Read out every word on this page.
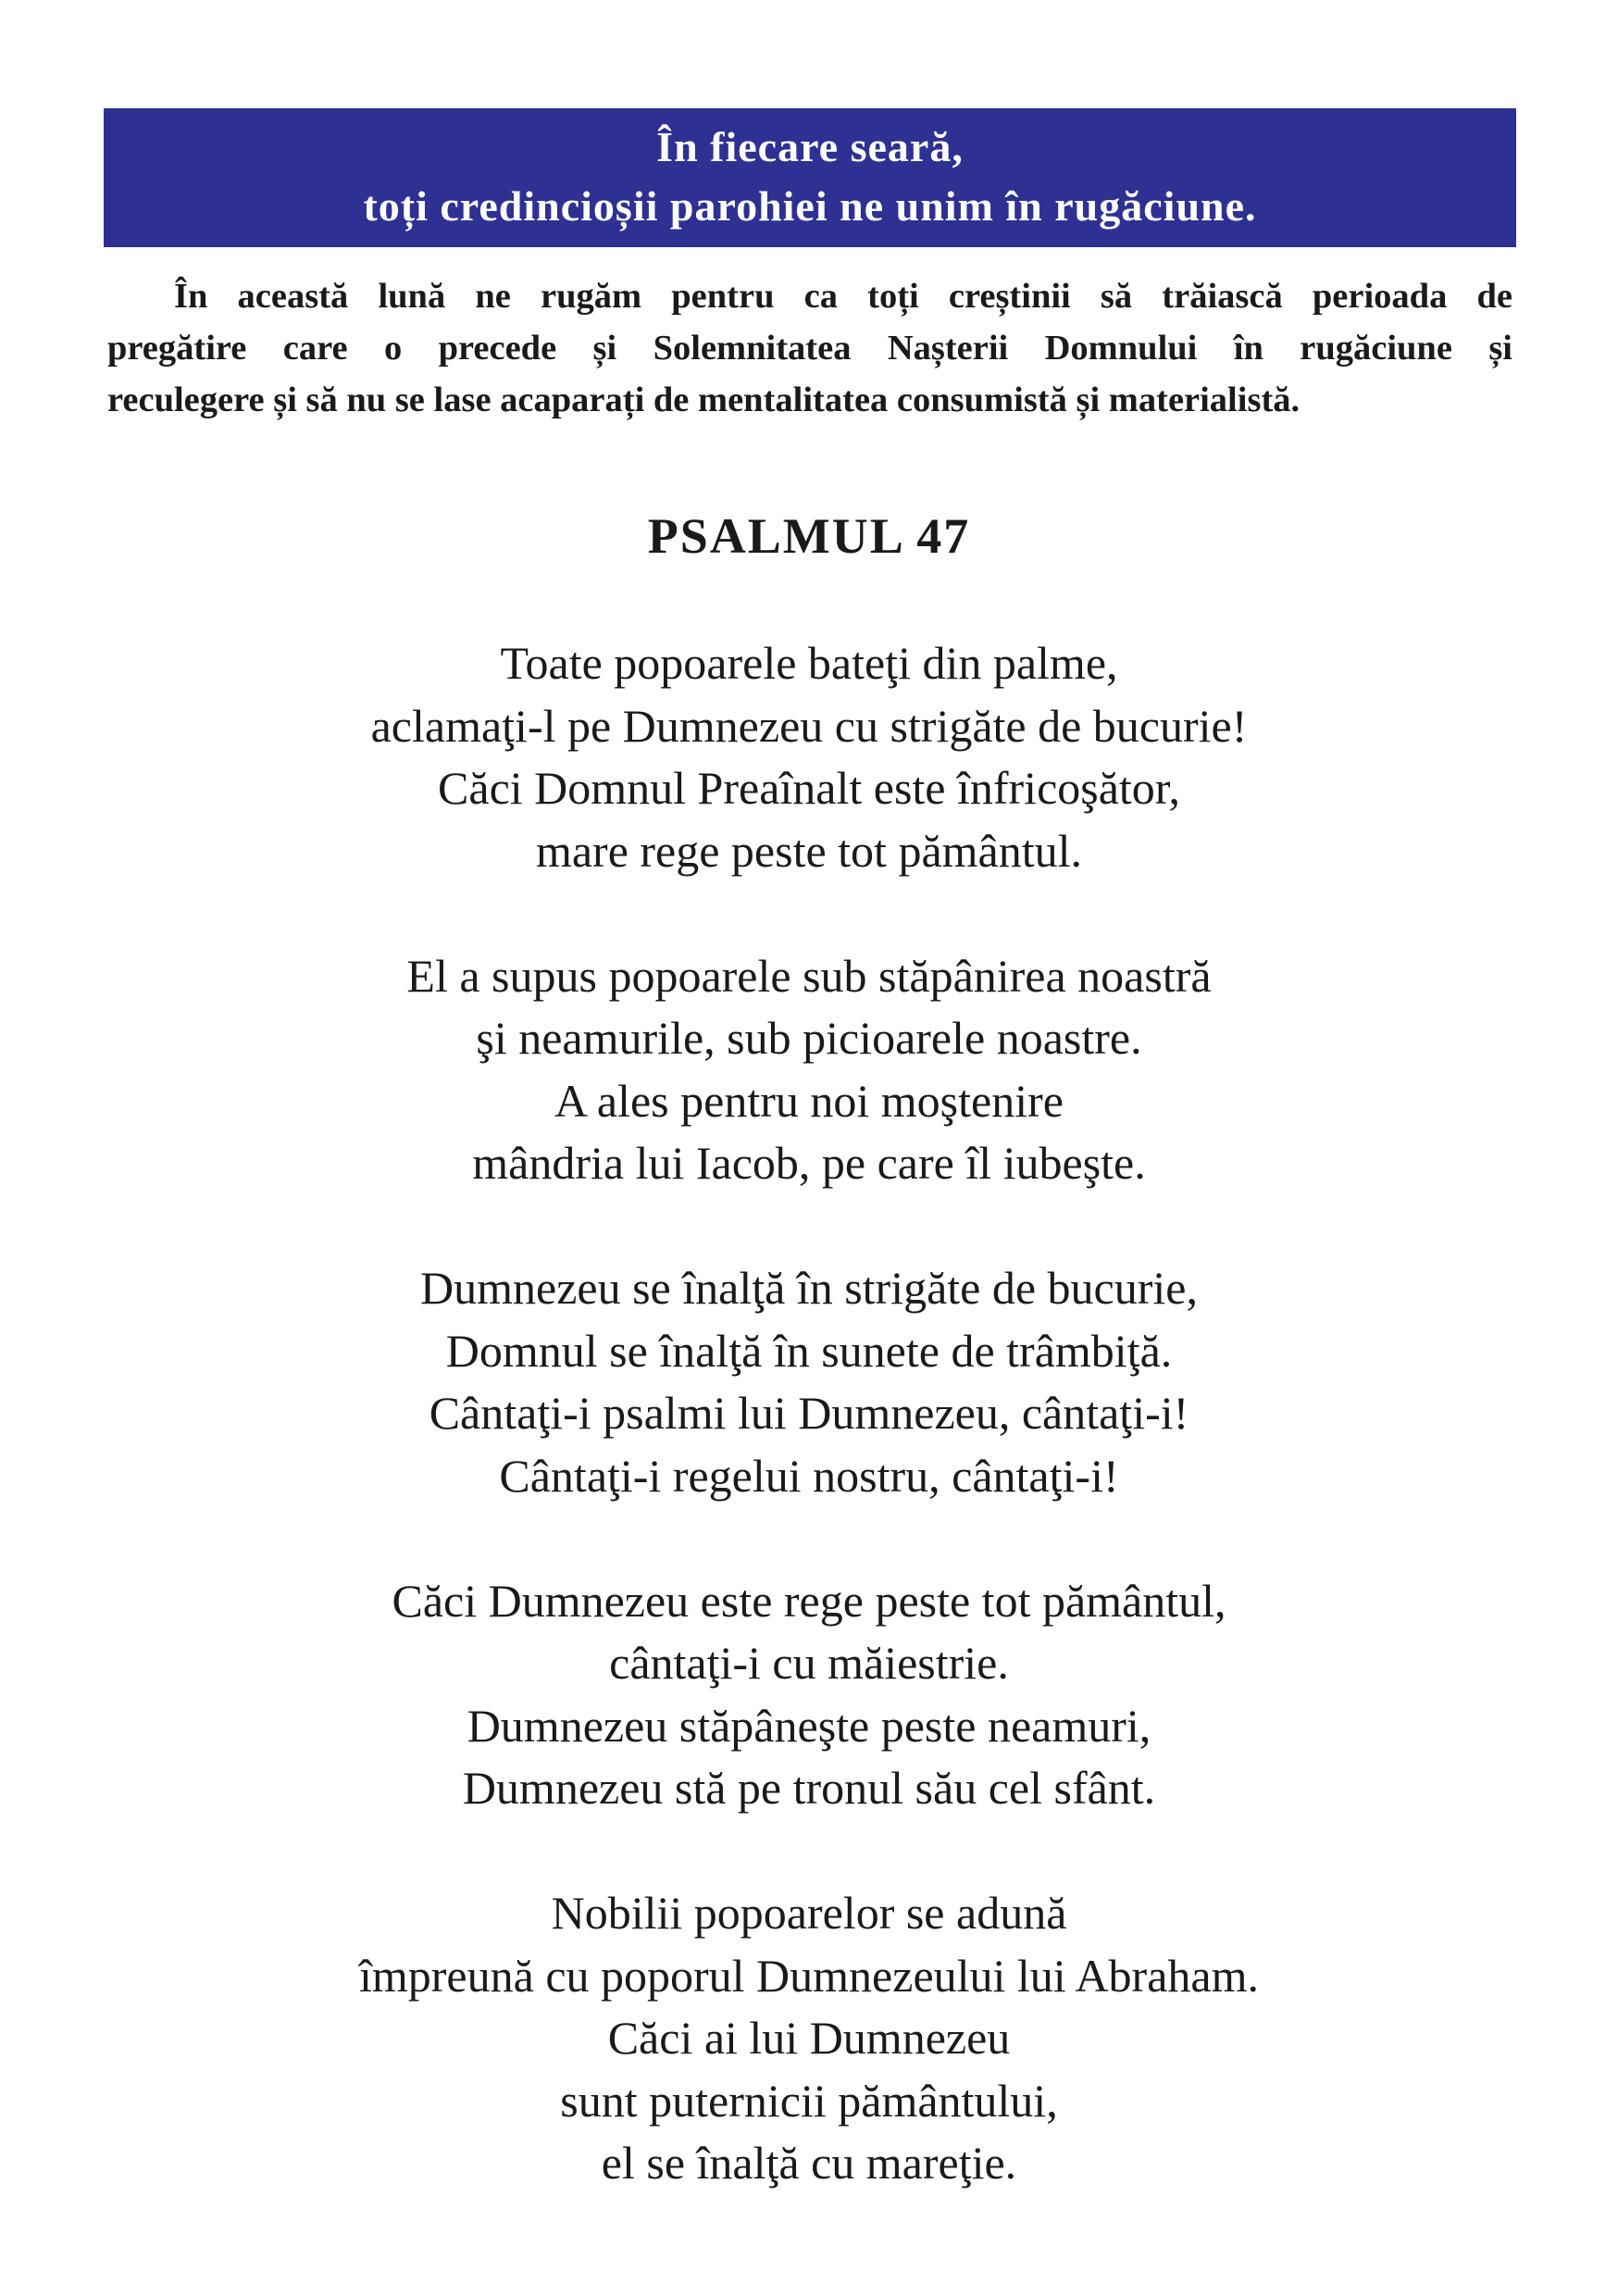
În fiecare seară,
toți credincioșii parohiei ne unim în rugăciune.
În această lună ne rugăm pentru ca toți creștinii să trăiască perioada de
pregătire care o precede și Solemnitatea Nașterii Domnului în rugăciune și
reculegere și să nu se lase acaparați de mentalitatea consumistă și materialistă.
PSALMUL 47

Toate popoarele bateţi din palme,
aclamaţi-l pe Dumnezeu cu strigăte de bucurie!
Căci Domnul Preaînalt este înfricoşător,
mare rege peste tot pământul.

El a supus popoarele sub stăpânirea noastră
şi neamurile, sub picioarele noastre.
A ales pentru noi moştenire
mândria lui Iacob, pe care îl iubeşte.

Dumnezeu se înalţă în strigăte de bucurie,
Domnul se înalţă în sunete de trâmbiţă.
Cântaţi-i psalmi lui Dumnezeu, cântaţi-i!
Cântaţi-i regelui nostru, cântaţi-i!

Căci Dumnezeu este rege peste tot pământul,
cântaţi-i cu măiestrie.
Dumnezeu stăpâneşte peste neamuri,
Dumnezeu stă pe tronul său cel sfânt.

Nobilii popoarelor se adună
împreună cu poporul Dumnezeului lui Abraham.
Căci ai lui Dumnezeu
sunt puternicii pământului,
el se înalţă cu mareţie.
